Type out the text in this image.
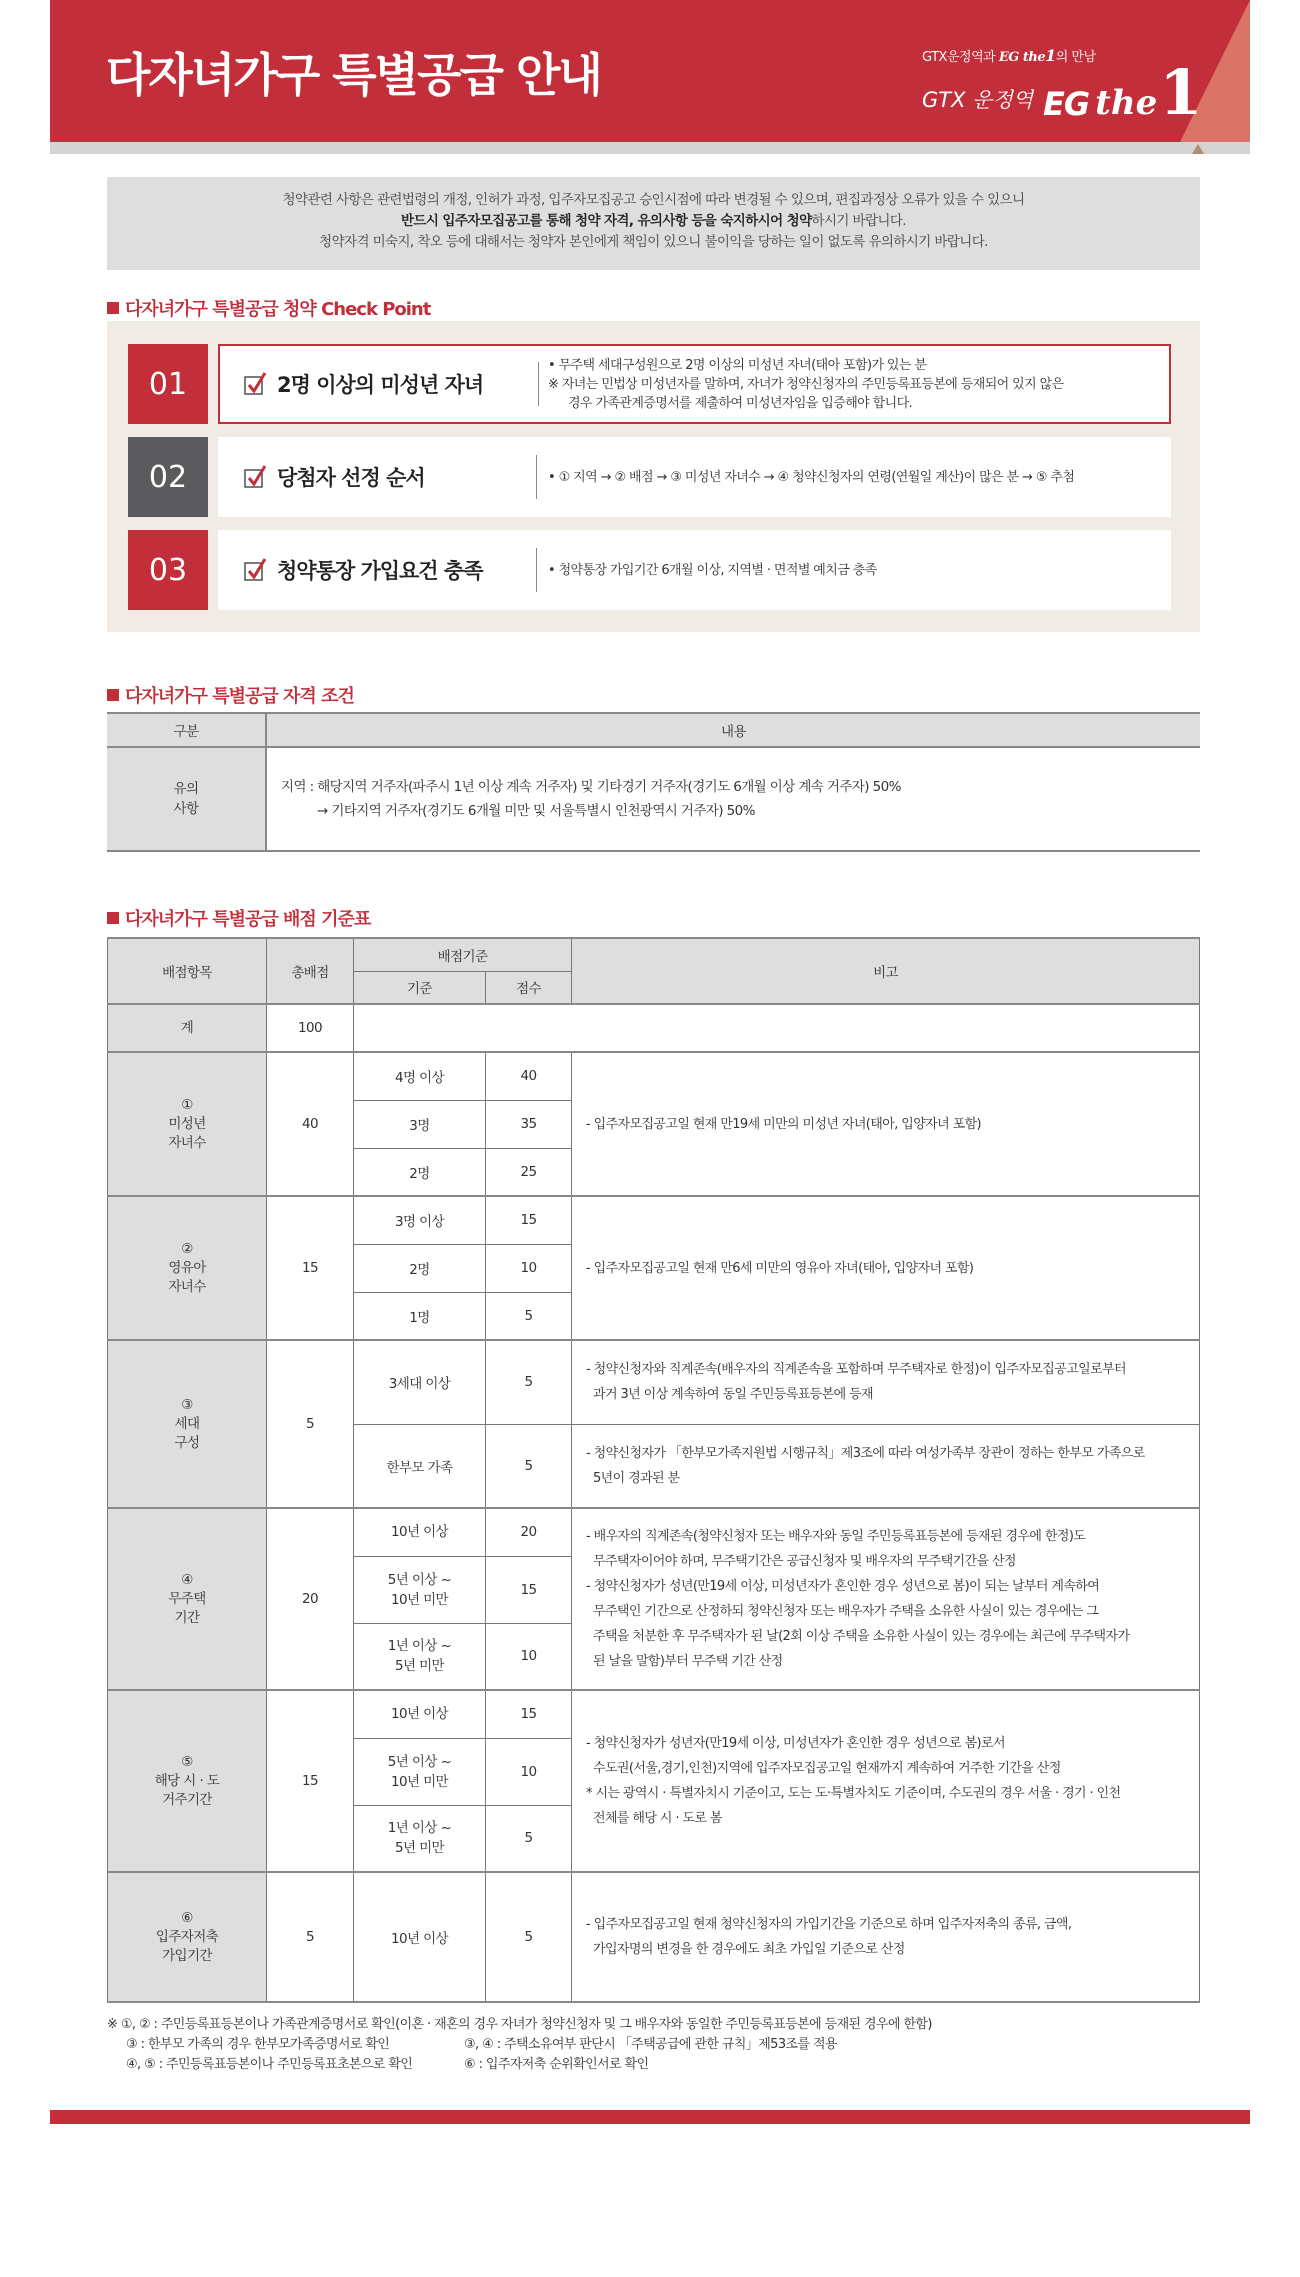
다자녀가구 특별공급 안내	GTX운정역과 EG the1의 만남
GTX 운정역 EG the 1
청약관련 사항은 관련법령의 개정, 인허가 과정, 입주자모집공고 승인시점에 따라 변경될 수 있으며, 편집과정상 오류가 있을 수 있으니
반드시 입주자모집공고를 통해 청약 자격, 유의사항 등을 숙지하시어 청약하시기 바랍니다.
청약자격 미숙지, 착오 등에 대해서는 청약자 본인에게 책임이 있으니 불이익을 당하는 일이 없도록 유의하시기 바랍니다.
다자녀가구 특별공급 청약 Check Point
01	2명 이상의 미성년 자녀
• 무주택 세대구성원으로 2명 이상의 미성년 자녀(태아 포함)가 있는 분
※ 자녀는 민법상 미성년자를 말하며, 자녀가 청약신청자의 주민등록표등본에 등재되어 있지 않은
경우 가족관계증명서를 제출하여 미성년자임을 입증해야 합니다.
02	당첨자 선정 순서	• ① 지역 → ② 배점 → ③ 미성년 자녀수 → ④ 청약신청자의 연령(연월일 계산)이 많은 분 → ⑤ 추첨
03	청약통장 가입요건 충족	• 청약통장 가입기간 6개월 이상, 지역별 · 면적별 예치금 충족
다자녀가구 특별공급 자격 조건
구분	내용

유의
사항

지역 : 해당지역 거주자(파주시 1년 이상 계속 거주자) 및 기타경기 거주자(경기도 6개월 이상 계속 거주자) 50%
→ 기타지역 거주자(경기도 6개월 미만 및 서울특별시 인천광역시 거주자) 50%
다자녀가구 특별공급 배점 기준표
배점항목	총배점	배점기준		비고
		기준	점수	
계	100			

①
미성년
자녀수	40	4명 이상	40	- 입주자모집공고일 현재 만19세 미만의 미성년 자녀(태아, 입양자녀 포함)

		3명	35	
		2명	25	

②
영유아
자녀수	15	3명 이상	15	- 입주자모집공고일 현재 만6세 미만의 영유아 자녀(태아, 입양자녀 포함)

		2명	10	
		1명	5	

③
세대
구성
	5	3세대 이상	5	
- 청약신청자와 직계존속(배우자의 직계존속을 포함하며 무주택자로 한정)이 입주자모집공고일로부터
과거 3년 이상 계속하여 동일 주민등록표등본에 등재

		한부모 가족	5	- 청약신청자가 「한부모가족지원법 시행규칙」제3조에 따라 여성가족부 장관이 정하는 한부모 가족으로
5년이 경과된 분

④
무주택
기간
	20	
10년 이상	20	- 배우자의 직계존속(청약신청자 또는 배우자와 동일 주민등록표등본에 등재된 경우에 한정)도
무주택자이어야 하며, 무주택기간은 공급신청자 및 배우자의 무주택기간을 산정
- 청약신청자가 성년(만19세 이상, 미성년자가 혼인한 경우 성년으로 봄)이 되는 날부터 계속하여
무주택인 기간으로 산정하되 청약신청자 또는 배우자가 주택을 소유한 사실이 있는 경우에는 그
주택을 처분한 후 무주택자가 된 날(2회 이상 주택을 소유한 사실이 있는 경우에는 최근에 무주택자가
된 날을 말함)부터 무주택 기간 산정

		5년 이상 ~
10년 미만	15	

		1년 이상 ~
5년 미만	10	

⑤
해당 시 · 도
거주기간
	15	
10년 이상	15	
- 청약신청자가 성년자(만19세 이상, 미성년자가 혼인한 경우 성년으로 봄)로서
수도권(서울,경기,인천)지역에 입주자모집공고일 현재까지 계속하여 거주한 기간을 산정
* 시는 광역시 · 특별자치시 기준이고, 도는 도·특별자치도 기준이며, 수도권의 경우 서울 · 경기 · 인천
전체를 해당 시 · 도로 봄

		5년 이상 ~
10년 미만	10	

		1년 이상 ~
5년 미만	5	

⑥
입주자저축
가입기간
	5	10년 이상	5	
- 입주자모집공고일 현재 청약신청자의 가입기간을 기준으로 하며 입주자저축의 종류, 금액,
가입자명의 변경을 한 경우에도 최초 가입일 기준으로 산정
※ ①, ② : 주민등록표등본이나 가족관계증명서로 확인(이혼 · 재혼의 경우 자녀가 청약신청자 및 그 배우자와 동일한 주민등록표등본에 등재된 경우에 한함)
③ : 한부모 가족의 경우 한부모가족증명서로 확인	③, ④ : 주택소유여부 판단시 「주택공급에 관한 규칙」제53조를 적용
④, ⑤ : 주민등록표등본이나 주민등록표초본으로 확인	⑥ : 입주자저축 순위확인서로 확인
